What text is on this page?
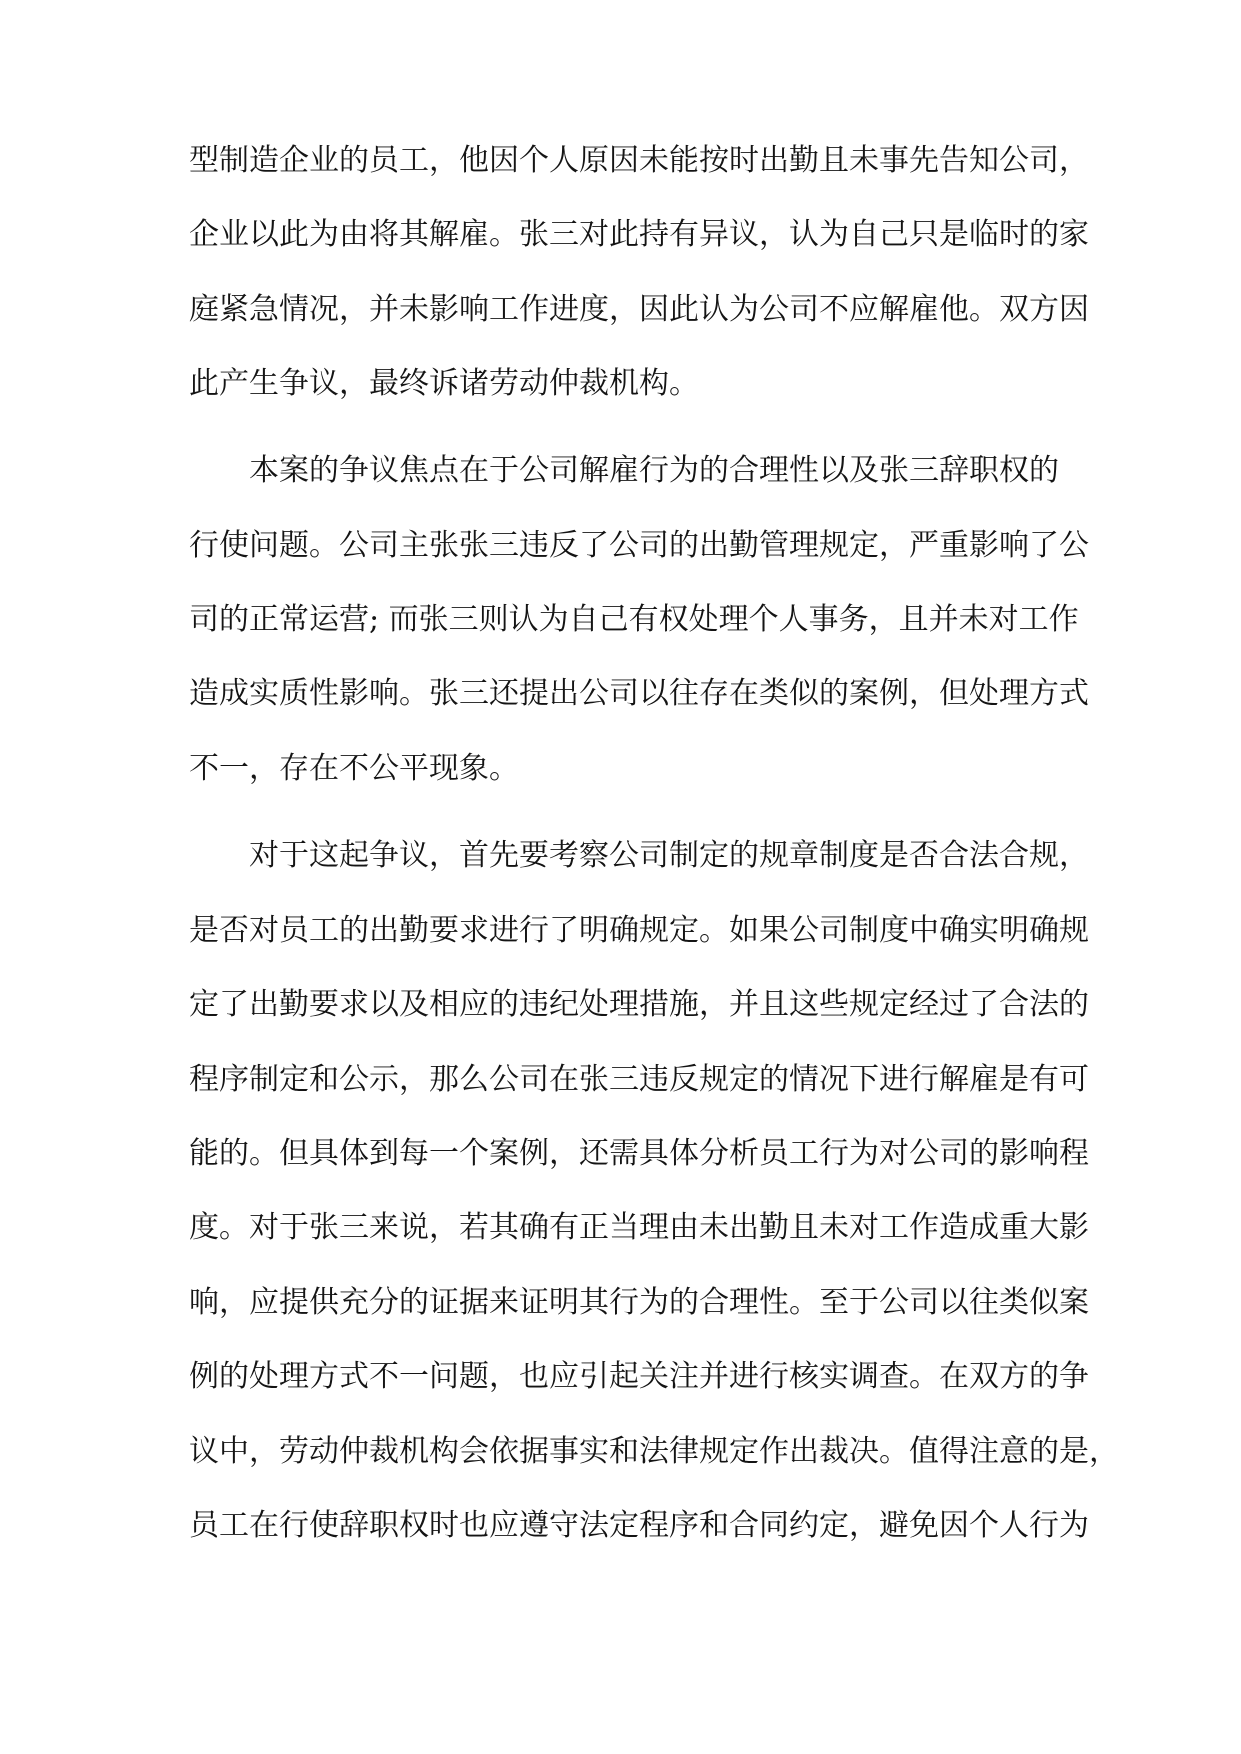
型制造企业的员工，他因个人原因未能按时出勤且未事先告知公司，
企业以此为由将其解雇。张三对此持有异议，认为自己只是临时的家
庭紧急情况，并未影响工作进度，因此认为公司不应解雇他。双方因
此产生争议，最终诉诸劳动仲裁机构。
本案的争议焦点在于公司解雇行为的合理性以及张三辞职权的
行使问题。公司主张张三违反了公司的出勤管理规定，严重影响了公
司的正常运营; 而张三则认为自己有权处理个人事务，且并未对工作
造成实质性影响。张三还提出公司以往存在类似的案例，但处理方式
不一，存在不公平现象。
对于这起争议，首先要考察公司制定的规章制度是否合法合规，
是否对员工的出勤要求进行了明确规定。如果公司制度中确实明确规
定了出勤要求以及相应的违纪处理措施，并且这些规定经过了合法的
程序制定和公示，那么公司在张三违反规定的情况下进行解雇是有可
能的。但具体到每一个案例，还需具体分析员工行为对公司的影响程
度。对于张三来说，若其确有正当理由未出勤且未对工作造成重大影
响，应提供充分的证据来证明其行为的合理性。至于公司以往类似案
例的处理方式不一问题，也应引起关注并进行核实调查。在双方的争
议中，劳动仲裁机构会依据事实和法律规定作出裁决。值得注意的是，
员工在行使辞职权时也应遵守法定程序和合同约定，避免因个人行为
